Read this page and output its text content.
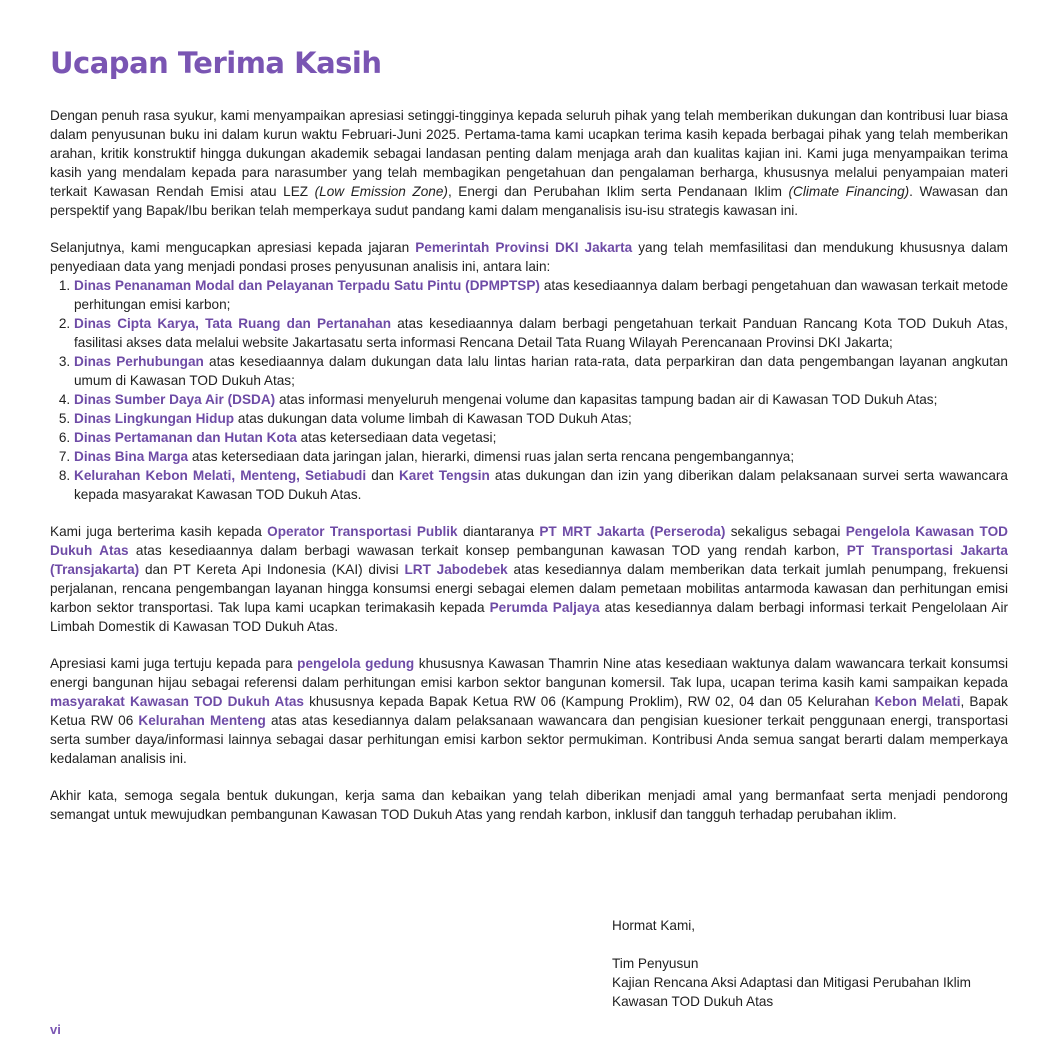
Ucapan Terima Kasih

Dengan penuh rasa syukur, kami menyampaikan apresiasi setinggi-tingginya kepada seluruh pihak yang telah memberikan dukungan dan kontribusi luar biasa dalam penyusunan buku ini dalam kurun waktu Februari-Juni 2025. Pertama-tama kami ucapkan terima kasih kepada berbagai pihak yang telah memberikan arahan, kritik konstruktif hingga dukungan akademik sebagai landasan penting dalam menjaga arah dan kualitas kajian ini. Kami juga menyampaikan terima kasih yang mendalam kepada para narasumber yang telah membagikan pengetahuan dan pengalaman berharga, khususnya melalui penyampaian materi terkait Kawasan Rendah Emisi atau LEZ (Low Emission Zone), Energi dan Perubahan Iklim serta Pendanaan Iklim (Climate Financing). Wawasan dan perspektif yang Bapak/Ibu berikan telah memperkaya sudut pandang kami dalam menganalisis isu-isu strategis kawasan ini.

Selanjutnya, kami mengucapkan apresiasi kepada jajaran Pemerintah Provinsi DKI Jakarta yang telah memfasilitasi dan mendukung khususnya dalam penyediaan data yang menjadi pondasi proses penyusunan analisis ini, antara lain:

1. Dinas Penanaman Modal dan Pelayanan Terpadu Satu Pintu (DPMPTSP) atas kesediaannya dalam berbagi pengetahuan dan wawasan terkait metode perhitungan emisi karbon;
2. Dinas Cipta Karya, Tata Ruang dan Pertanahan atas kesediaannya dalam berbagi pengetahuan terkait Panduan Rancang Kota TOD Dukuh Atas, fasilitasi akses data melalui website Jakartasatu serta informasi Rencana Detail Tata Ruang Wilayah Perencanaan Provinsi DKI Jakarta;
3. Dinas Perhubungan atas kesediaannya dalam dukungan data lalu lintas harian rata-rata, data perparkiran dan data pengembangan layanan angkutan umum di Kawasan TOD Dukuh Atas;
4. Dinas Sumber Daya Air (DSDA) atas informasi menyeluruh mengenai volume dan kapasitas tampung badan air di Kawasan TOD Dukuh Atas;
5. Dinas Lingkungan Hidup atas dukungan data volume limbah di Kawasan TOD Dukuh Atas;
6. Dinas Pertamanan dan Hutan Kota atas ketersediaan data vegetasi;
7. Dinas Bina Marga atas ketersediaan data jaringan jalan, hierarki, dimensi ruas jalan serta rencana pengembangannya;
8. Kelurahan Kebon Melati, Menteng, Setiabudi dan Karet Tengsin atas dukungan dan izin yang diberikan dalam pelaksanaan survei serta wawancara kepada masyarakat Kawasan TOD Dukuh Atas.

Kami juga berterima kasih kepada Operator Transportasi Publik diantaranya PT MRT Jakarta (Perseroda) sekaligus sebagai Pengelola Kawasan TOD Dukuh Atas atas kesediaannya dalam berbagi wawasan terkait konsep pembangunan kawasan TOD yang rendah karbon, PT Transportasi Jakarta (Transjakarta) dan PT Kereta Api Indonesia (KAI) divisi LRT Jabodebek atas kesediannya dalam memberikan data terkait jumlah penumpang, frekuensi perjalanan, rencana pengembangan layanan hingga konsumsi energi sebagai elemen dalam pemetaan mobilitas antarmoda kawasan dan perhitungan emisi karbon sektor transportasi. Tak lupa kami ucapkan terimakasih kepada Perumda Paljaya atas kesediannya dalam berbagi informasi terkait Pengelolaan Air Limbah Domestik di Kawasan TOD Dukuh Atas.

Apresiasi kami juga tertuju kepada para pengelola gedung khususnya Kawasan Thamrin Nine atas kesediaan waktunya dalam wawancara terkait konsumsi energi bangunan hijau sebagai referensi dalam perhitungan emisi karbon sektor bangunan komersil. Tak lupa, ucapan terima kasih kami sampaikan kepada masyarakat Kawasan TOD Dukuh Atas khususnya kepada Bapak Ketua RW 06 (Kampung Proklim), RW 02, 04 dan 05 Kelurahan Kebon Melati, Bapak Ketua RW 06 Kelurahan Menteng atas atas kesediannya dalam pelaksanaan wawancara dan pengisian kuesioner terkait penggunaan energi, transportasi serta sumber daya/informasi lainnya sebagai dasar perhitungan emisi karbon sektor permukiman. Kontribusi Anda semua sangat berarti dalam memperkaya kedalaman analisis ini.

Akhir kata, semoga segala bentuk dukungan, kerja sama dan kebaikan yang telah diberikan menjadi amal yang bermanfaat serta menjadi pendorong semangat untuk mewujudkan pembangunan Kawasan TOD Dukuh Atas yang rendah karbon, inklusif dan tangguh terhadap perubahan iklim.

Hormat Kami,
Tim Penyusun
Kajian Rencana Aksi Adaptasi dan Mitigasi Perubahan Iklim
Kawasan TOD Dukuh Atas
vi
